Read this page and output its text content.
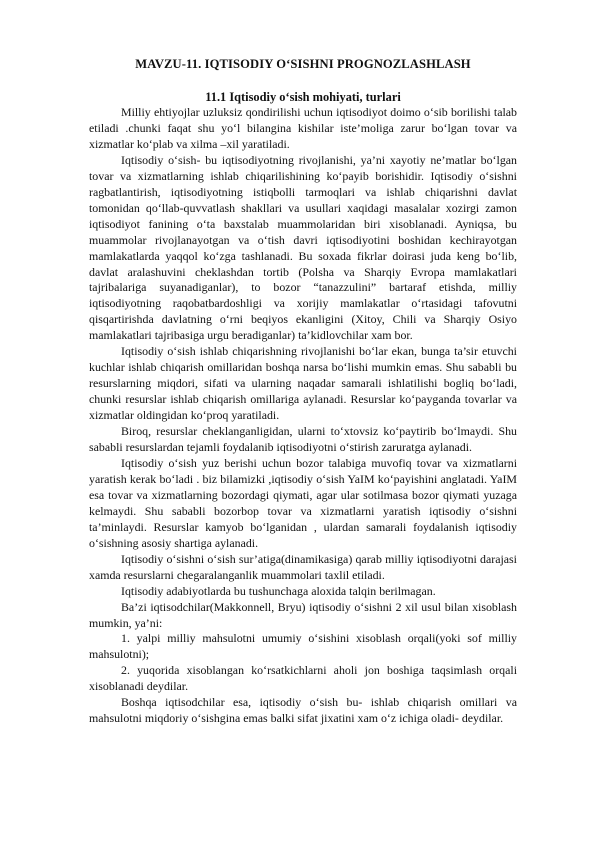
MAVZU-11. IQTISODIY O‘SISHNI PROGNOZLASHLASH
11.1 Iqtisodiy o‘sish mohiyati, turlari

Milliy ehtiyojlar uzluksiz qondirilishi uchun iqtisodiyot doimo o‘sib borilishi talab etiladi .chunki faqat shu yo‘l bilangina kishilar iste’moliga zarur bo‘lgan tovar va xizmatlar ko‘plab va xilma –xil yaratiladi.

Iqtisodiy o‘sish- bu iqtisodiyotning rivojlanishi, ya’ni xayotiy ne’matlar bo‘lgan tovar va xizmatlarning ishlab chiqarilishining ko‘payib borishidir. Iqtisodiy o‘sishni ragbatlantirish, iqtisodiyotning istiqbolli tarmoqlari va ishlab chiqarishni davlat tomonidan qo‘llab-quvvatlash shakllari va usullari xaqidagi masalalar xozirgi zamon iqtisodiyot fanining o‘ta baxstalab muammolaridan biri xisoblanadi. Ayniqsa, bu muammolar rivojlanayotgan va o‘tish davri iqtisodiyotini boshidan kechirayotgan mamlakatlarda yaqqol ko‘zga tashlanadi. Bu soxada fikrlar doirasi juda keng bo‘lib, davlat aralashuvini cheklashdan tortib (Polsha va Sharqiy Evropa mamlakatlari tajribalariga suyanadiganlar), to bozor “tanazzulini” bartaraf etishda, milliy iqtisodiyotning raqobatbardoshligi va xorijiy mamlakatlar o‘rtasidagi tafovutni qisqartirishda davlatning o‘rni beqiyos ekanligini (Xitoy, Chili va Sharqiy Osiyo mamlakatlari tajribasiga urgu beradiganlar) ta’kidlovchilar xam bor.

Iqtisodiy o‘sish ishlab chiqarishning rivojlanishi bo‘lar ekan, bunga ta’sir etuvchi kuchlar ishlab chiqarish omillaridan boshqa narsa bo‘lishi mumkin emas. Shu sababli bu resurslarning miqdori, sifati va ularning naqadar samarali ishlatilishi bogliq bo‘ladi, chunki resurslar ishlab chiqarish omillariga aylanadi. Resurslar ko‘payganda tovarlar va xizmatlar oldingidan ko‘proq yaratiladi.

Biroq, resurslar cheklanganligidan, ularni to‘xtovsiz ko‘paytirib bo‘lmaydi. Shu sababli resurslardan tejamli foydalanib iqtisodiyotni o‘stirish zaruratga aylanadi.

Iqtisodiy o‘sish yuz berishi uchun bozor talabiga muvofiq tovar va xizmatlarni yaratish kerak bo‘ladi . biz bilamizki ,iqtisodiy o‘sish YaIM ko‘payishini anglatadi. YaIM esa tovar va xizmatlarning bozordagi qiymati, agar ular sotilmasa bozor qiymati yuzaga kelmaydi. Shu sababli bozorbop tovar va xizmatlarni yaratish iqtisodiy o‘sishni ta’minlaydi. Resurslar kamyob bo‘lganidan , ulardan samarali foydalanish iqtisodiy o‘sishning asosiy shartiga aylanadi.

Iqtisodiy o‘sishni o‘sish sur’atiga(dinamikasiga) qarab milliy iqtisodiyotni darajasi xamda resurslarni chegaralanganlik muammolari taxlil etiladi.

Iqtisodiy adabiyotlarda bu tushunchaga aloxida talqin berilmagan.

Ba’zi iqtisodchilar(Makkonnell, Bryu) iqtisodiy o‘sishni 2 xil usul bilan xisoblash mumkin, ya’ni:

1. yalpi milliy mahsulotni umumiy o‘sishini xisoblash orqali(yoki sof milliy mahsulotni);

2. yuqorida xisoblangan ko‘rsatkichlarni aholi jon boshiga taqsimlash orqali xisoblanadi deydilar.

Boshqa iqtisodchilar esa, iqtisodiy o‘sish bu- ishlab chiqarish omillari va mahsulotni miqdoriy o‘sishgina emas balki sifat jixatini xam o‘z ichiga oladi- deydilar.
